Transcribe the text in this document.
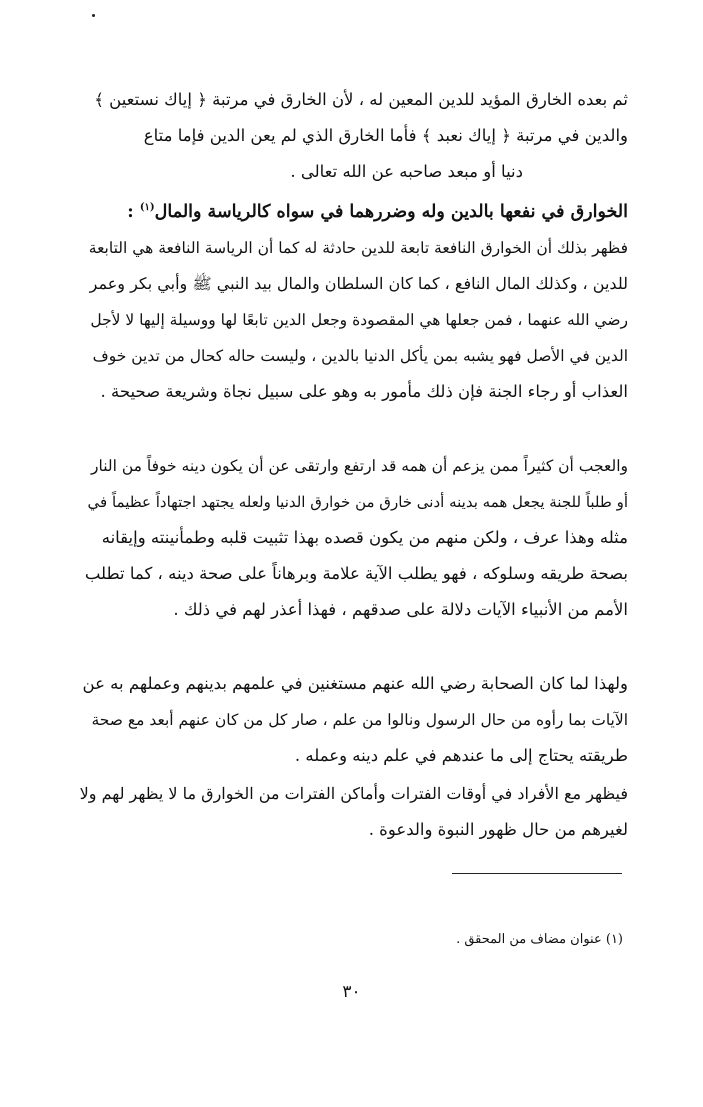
ثم بعده الخارق المؤيد للدين المعين له ، لأن الخارق في مرتبة ﴿ إياك نستعين ﴾
والدين في مرتبة ﴿ إياك نعبد ﴾ فأما الخارق الذي لم يعن الدين فإما متاع
دنيا أو مبعد صاحبه عن الله تعالى .
الخوارق في نفعها بالدين وله وضررهما في سواه كالرياسة والمال$^{(١)}$ :
فظهر بذلك أن الخوارق النافعة تابعة للدين حادثة له كما أن الرياسة النافعة هي التابعة
للدين ، وكذلك المال النافع ، كما كان السلطان والمال بيد النبي ﷺ وأبي بكر وعمر
رضي الله عنهما ، فمن جعلها هي المقصودة وجعل الدين تابعًا لها ووسيلة إليها لا لأجل
الدين في الأصل فهو يشبه بمن يأكل الدنيا بالدين ، وليست حاله كحال من تدين خوف
العذاب أو رجاء الجنة فإن ذلك مأمور به وهو على سبيل نجاة وشريعة صحيحة .
والعجب أن كثيراً ممن يزعم أن همه قد ارتفع وارتقى عن أن يكون دينه خوفاً من النار
أو طلباً للجنة يجعل همه بدينه أدنى خارق من خوارق الدنيا ولعله يجتهد اجتهاداً عظيماً في
مثله وهذا عرف ، ولكن منهم من يكون قصده بهذا تثبيت قلبه وطمأنينته وإيقانه
بصحة طريقه وسلوكه ، فهو يطلب الآية علامة وبرهاناً على صحة دينه ، كما تطلب
الأمم من الأنبياء الآيات دلالة على صدقهم ، فهذا أعذر لهم في ذلك .
ولهذا لما كان الصحابة رضي الله عنهم مستغنين في علمهم بدينهم وعملهم به عن
الآيات بما رأوه من حال الرسول ونالوا من علم ، صار كل من كان عنهم أبعد مع صحة
طريقته يحتاج إلى ما عندهم في علم دينه وعمله .
فيظهر مع الأفراد في أوقات الفترات وأماكن الفترات من الخوارق ما لا يظهر لهم ولا
لغيرهم من حال ظهور النبوة والدعوة .
(١) عنوان مضاف من المحقق .
٣٠
